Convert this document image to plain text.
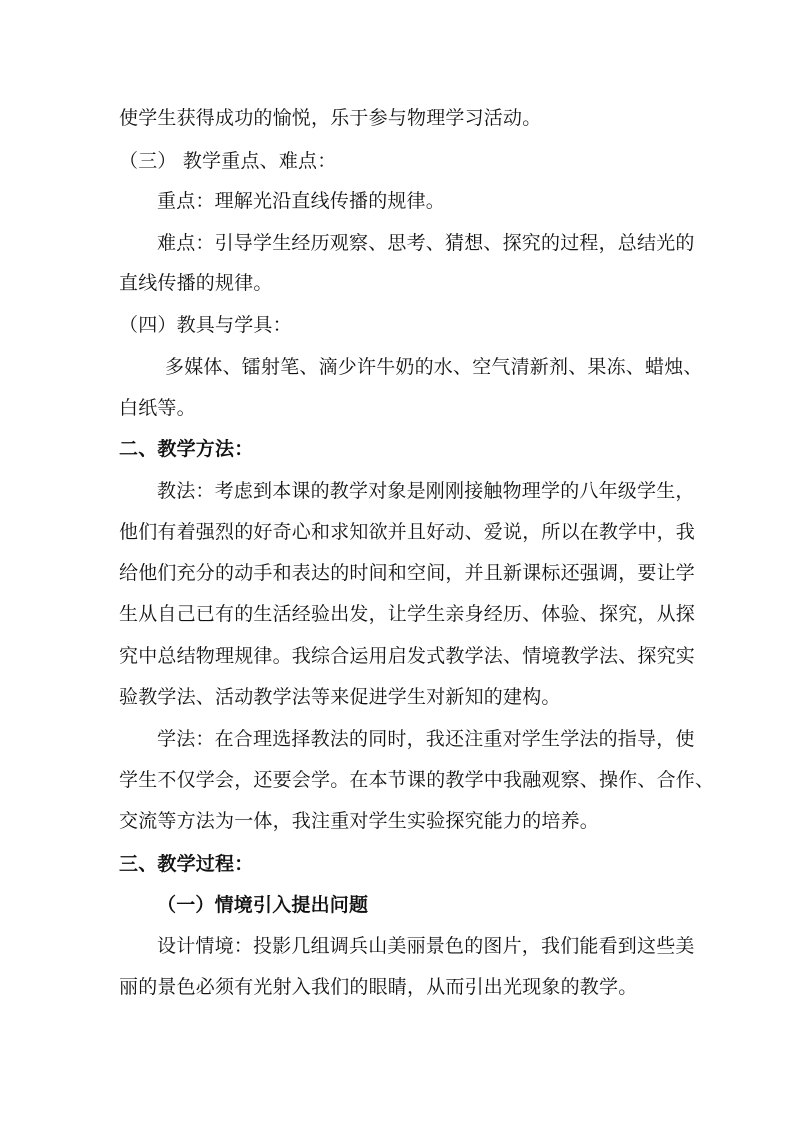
使学生获得成功的愉悦，乐于参与物理学习活动。
（三） 教学重点、难点：
重点：理解光沿直线传播的规律。
难点：引导学生经历观察、思考、猜想、探究的过程，总结光的
直线传播的规律。
（四）教具与学具：
多媒体、镭射笔、滴少许牛奶的水、空气清新剂、果冻、蜡烛、
白纸等。
二、教学方法：
教法：考虑到本课的教学对象是刚刚接触物理学的八年级学生，
他们有着强烈的好奇心和求知欲并且好动、爱说，所以在教学中，我
给他们充分的动手和表达的时间和空间，并且新课标还强调，要让学
生从自己已有的生活经验出发，让学生亲身经历、体验、探究，从探
究中总结物理规律。我综合运用启发式教学法、情境教学法、探究实
验教学法、活动教学法等来促进学生对新知的建构。
学法：在合理选择教法的同时，我还注重对学生学法的指导，使
学生不仅学会，还要会学。在本节课的教学中我融观察、操作、合作、
交流等方法为一体，我注重对学生实验探究能力的培养。
三、教学过程：
（一）情境引入提出问题
设计情境：投影几组调兵山美丽景色的图片，我们能看到这些美
丽的景色必须有光射入我们的眼睛，从而引出光现象的教学。
